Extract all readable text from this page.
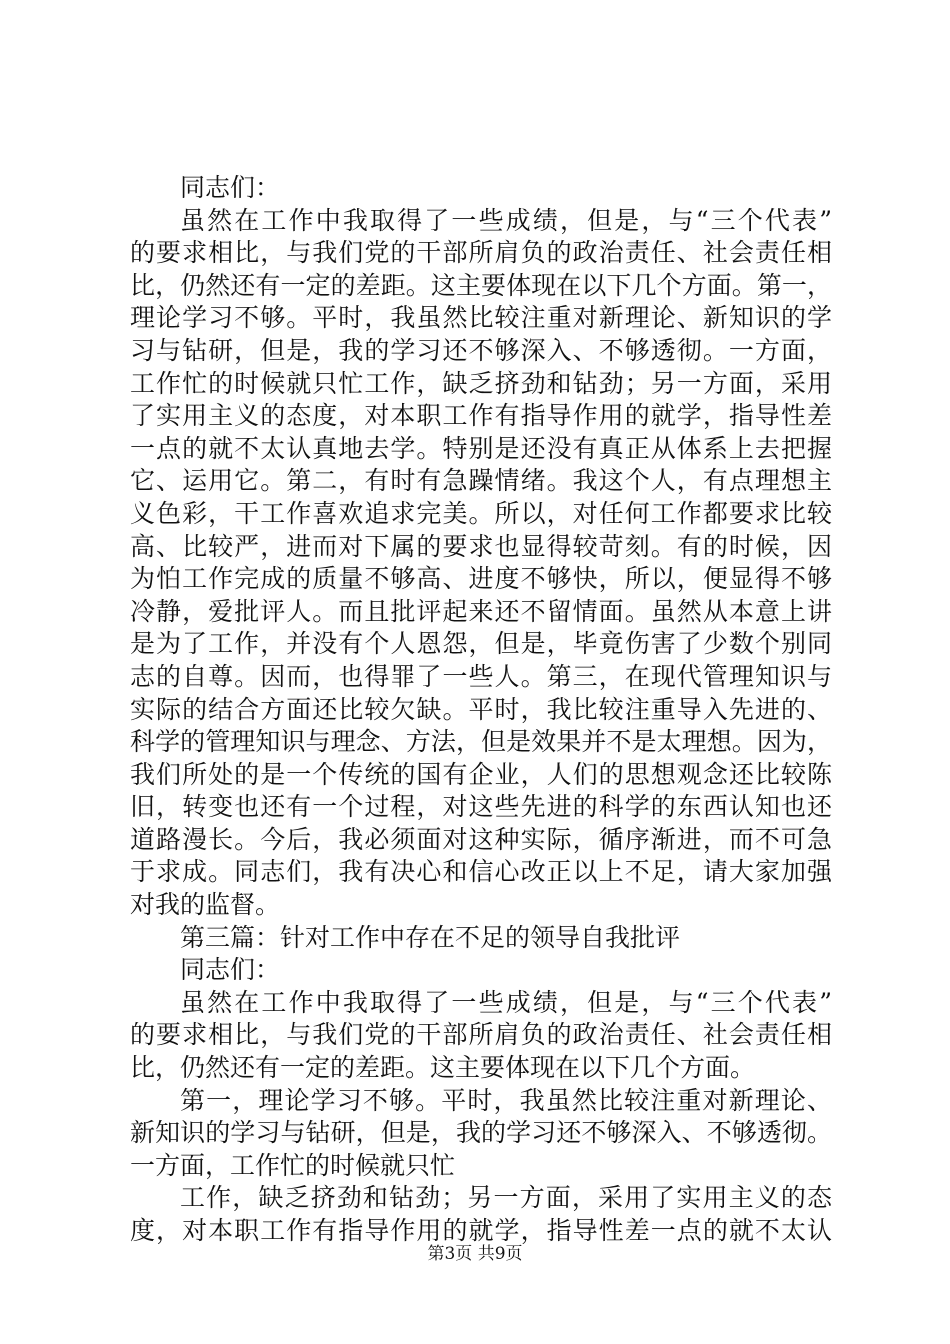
同志们：
虽然在工作中我取得了一些成绩，但是，与“三个代表”
的要求相比，与我们党的干部所肩负的政治责任、社会责任相
比，仍然还有一定的差距。这主要体现在以下几个方面。第一，
理论学习不够。平时，我虽然比较注重对新理论、新知识的学
习与钻研，但是，我的学习还不够深入、不够透彻。一方面，
工作忙的时候就只忙工作，缺乏挤劲和钻劲；另一方面，采用
了实用主义的态度，对本职工作有指导作用的就学，指导性差
一点的就不太认真地去学。特别是还没有真正从体系上去把握
它、运用它。第二，有时有急躁情绪。我这个人，有点理想主
义色彩，干工作喜欢追求完美。所以，对任何工作都要求比较
高、比较严，进而对下属的要求也显得较苛刻。有的时候，因
为怕工作完成的质量不够高、进度不够快，所以，便显得不够
冷静，爱批评人。而且批评起来还不留情面。虽然从本意上讲
是为了工作，并没有个人恩怨，但是，毕竟伤害了少数个别同
志的自尊。因而，也得罪了一些人。第三，在现代管理知识与
实际的结合方面还比较欠缺。平时，我比较注重导入先进的、
科学的管理知识与理念、方法，但是效果并不是太理想。因为，
我们所处的是一个传统的国有企业，人们的思想观念还比较陈
旧，转变也还有一个过程，对这些先进的科学的东西认知也还
道路漫长。今后，我必须面对这种实际，循序渐进，而不可急
于求成。同志们，我有决心和信心改正以上不足，请大家加强
对我的监督。
第三篇：针对工作中存在不足的领导自我批评
同志们：
虽然在工作中我取得了一些成绩，但是，与“三个代表”
的要求相比，与我们党的干部所肩负的政治责任、社会责任相
比，仍然还有一定的差距。这主要体现在以下几个方面。
第一，理论学习不够。平时，我虽然比较注重对新理论、
新知识的学习与钻研，但是，我的学习还不够深入、不够透彻。
一方面，工作忙的时候就只忙
工作，缺乏挤劲和钻劲；另一方面，采用了实用主义的态
度，对本职工作有指导作用的就学，指导性差一点的就不太认
第3页 共9页
